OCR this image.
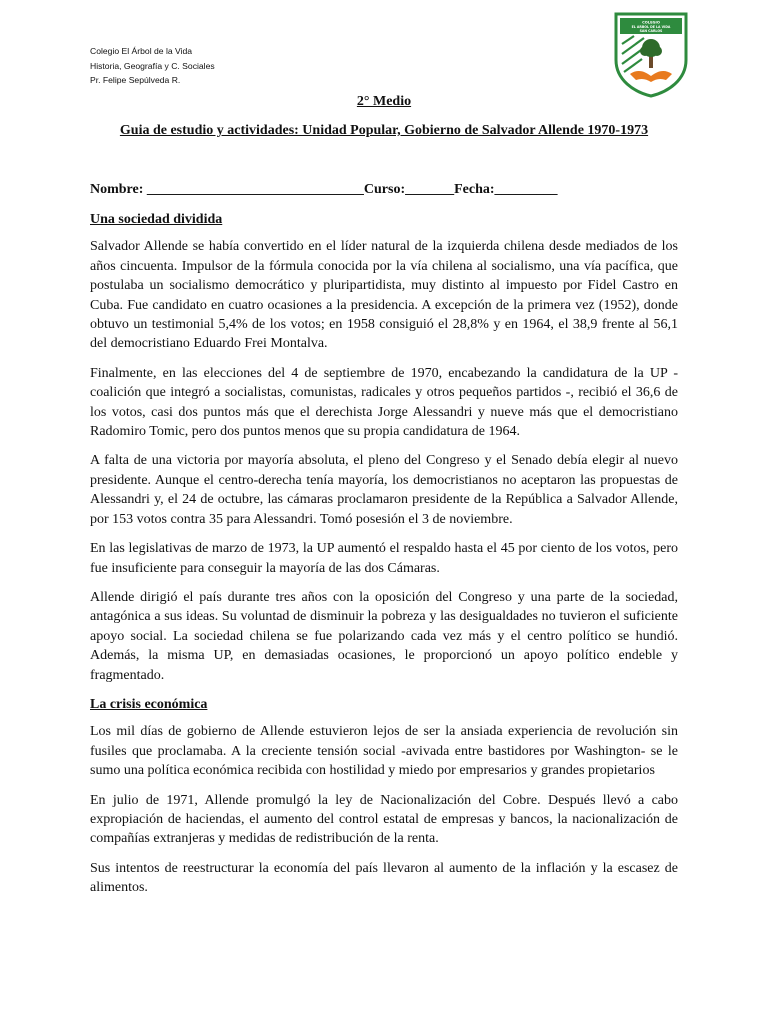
Colegio El Árbol de la Vida
Historia, Geografía y C. Sociales
Pr. Felipe Sepúlveda R.
COLEGIO
EL ARBOL DE LA VIDA
SAN CARLOS
2° Medio
Guia de estudio y actividades: Unidad Popular, Gobierno de Salvador Allende 1970-1973
Nombre: _______________________________Curso:_______Fecha:_________
Una sociedad dividida

Salvador Allende se había convertido en el líder natural de la izquierda chilena desde mediados de los años cincuenta. Impulsor de la fórmula conocida por la vía chilena al socialismo, una vía pacífica, que postulaba un socialismo democrático y pluripartidista, muy distinto al impuesto por Fidel Castro en Cuba. Fue candidato en cuatro ocasiones a la presidencia. A excepción de la primera vez (1952), donde obtuvo un testimonial 5,4% de los votos; en 1958 consiguió el 28,8% y en 1964, el 38,9 frente al 56,1 del democristiano Eduardo Frei Montalva.

Finalmente, en las elecciones del 4 de septiembre de 1970, encabezando la candidatura de la UP - coalición que integró a socialistas, comunistas, radicales y otros pequeños partidos -, recibió el 36,6 de los votos, casi dos puntos más que el derechista Jorge Alessandri y nueve más que el democristiano Radomiro Tomic, pero dos puntos menos que su propia candidatura de 1964.

A falta de una victoria por mayoría absoluta, el pleno del Congreso y el Senado debía elegir al nuevo presidente. Aunque el centro-derecha tenía mayoría, los democristianos no aceptaron las propuestas de Alessandri y, el 24 de octubre, las cámaras proclamaron presidente de la República a Salvador Allende, por 153 votos contra 35 para Alessandri. Tomó posesión el 3 de noviembre.

En las legislativas de marzo de 1973, la UP aumentó el respaldo hasta el 45 por ciento de los votos, pero fue insuficiente para conseguir la mayoría de las dos Cámaras.

Allende dirigió el país durante tres años con la oposición del Congreso y una parte de la sociedad, antagónica a sus ideas. Su voluntad de disminuir la pobreza y las desigualdades no tuvieron el suficiente apoyo social. La sociedad chilena se fue polarizando cada vez más y el centro político se hundió. Además, la misma UP, en demasiadas ocasiones, le proporcionó un apoyo político endeble y fragmentado.

La crisis económica

Los mil días de gobierno de Allende estuvieron lejos de ser la ansiada experiencia de revolución sin fusiles que proclamaba. A la creciente tensión social -avivada entre bastidores por Washington- se le sumo una política económica recibida con hostilidad y miedo por empresarios y grandes propietarios

En julio de 1971, Allende promulgó la ley de Nacionalización del Cobre. Después llevó a cabo expropiación de haciendas, el aumento del control estatal de empresas y bancos, la nacionalización de compañías extranjeras y medidas de redistribución de la renta.

Sus intentos de reestructurar la economía del país llevaron al aumento de la inflación y la escasez de alimentos.
